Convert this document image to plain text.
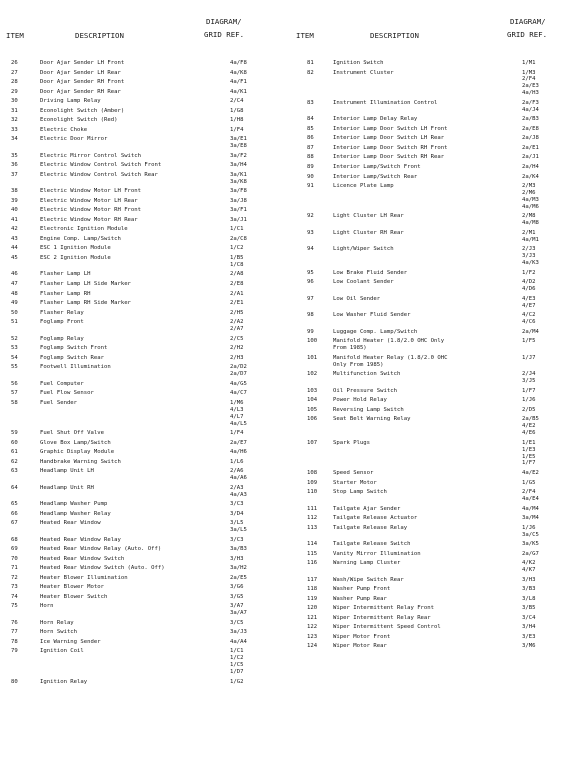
ITEM	DESCRIPTION
DIAGRAM/
GRID REF.	ITEM	DESCRIPTION
DIAGRAM/
GRID REF.
26	Door Ajar Sender LH Front	4a/F8
27	Door Ajar Sender LH Rear	4a/K8
28	Door Ajar Sender RH Front	4a/F1
29	Door Ajar Sender RH Rear	4a/K1
30	Driving Lamp Relay	2/C4
31	Econolight Switch (Amber)	1/G8
32	Econolight Switch (Red)	1/H8
33	Electric Choke	1/F4
34	Electric Door Mirror	3a/E1
3a/E8
35	Electric Mirror Control Switch	3a/F2
36	Electric Window Control Switch Front	3a/H4
37	Electric Window Control Switch Rear	3a/K1
3a/K8
38	Electric Window Motor LH Front	3a/F8
39	Electric Window Motor LH Rear	3a/J8
40	Electric Window Motor RH Front	3a/F1
41	Electric Window Motor RH Rear	3a/J1
42	Electronic Ignition Module	1/C1
43	Engine Comp. Lamp/Switch	2a/C8
44	ESC 1 Ignition Module	1/C2
45	ESC 2 Ignition Module	1/B5
1/C8
46	Flasher Lamp LH	2/A8
47	Flasher Lamp LH Side Marker	2/E8
48	Flasher Lamp RH	2/A1
49	Flasher Lamp RH Side Marker	2/E1
50	Flasher Relay	2/H5
51	Foglamp Front	2/A2
2/A7
52	Foglamp Relay	2/C5
53	Foglamp Switch Front	2/H2
54	Foglamp Switch Rear	2/H3
55	Footwell Illumination	2a/D2
2a/D7
56	Fuel Computer	4a/G5
57	Fuel Flow Sensor	4a/C7
58	Fuel Sender	1/M6
4/L3
4/L7
4a/L5
59	Fuel Shut Off Valve	1/F4
60	Glove Box Lamp/Switch	2a/E7
61	Graphic Display Module	4a/H6
62	Handbrake Warning Switch	1/L6
63	Headlamp Unit LH	2/A6
4a/A6
64	Headlamp Unit RH	2/A3
4a/A3
65	Headlamp Washer Pump	3/C3
66	Headlamp Washer Relay	3/D4
67	Heated Rear Window	3/L5
3a/L5
68	Heated Rear Window Relay	3/C3
69	Heated Rear Window Relay (Auto. Off)	3a/B3
70	Heated Rear Window Switch	3/H3
71	Heated Rear Window Switch (Auto. Off)	3a/H2
72	Heater Blower Illumination	2a/E5
73	Heater Blower Motor	3/G6
74	Heater Blower Switch	3/G5
75	Horn	3/A7
3a/A7
76	Horn Relay	3/C5
77	Horn Switch	3a/J3
78	Ice Warning Sender	4a/A4
79	Ignition Coil	1/C1
1/C2
1/C5
1/D7
80	Ignition Relay	1/G2
81	Ignition Switch	1/M1
82	Instrument Cluster	1/M3
2/F4
2a/E3
4a/H3
83	Instrument Illumination Control	2a/F3
4a/J4
84	Interior Lamp Delay Relay	2a/B3
85	Interior Lamp Door Switch LH Front	2a/E8
86	Interior Lamp Door Switch LH Rear	2a/J8
87	Interior Lamp Door Switch RH Front	2a/E1
88	Interior Lamp Door Switch RH Rear	2a/J1
89	Interior Lamp/Switch Front	2a/H4
90	Interior Lamp/Switch Rear	2a/K4
91	Licence Plate Lamp	2/M3
2/M6
4a/M3
4a/M6
92	Light Cluster LH Rear	2/M8
4a/M8
93	Light Cluster RH Rear	2/M1
4a/M1
94	Light/Wiper Switch	2/J3
3/J3
4a/K3
95	Low Brake Fluid Sender	1/F2
96	Low Coolant Sender	4/D2
4/D6
97	Low Oil Sender	4/E3
4/E7
98	Low Washer Fluid Sender	4/C2
4/C6
99	Luggage Comp. Lamp/Switch	2a/M4
100	Manifold Heater (1.8/2.0 OHC Only	1/F5
From 1985)
101	Manifold Heater Relay (1.8/2.0 OHC	1/J7
Only From 1985)
102	Multifunction Switch	2/J4
3/J5
103	Oil Pressure Switch	1/F7
104	Power Hold Relay	1/J6
105	Reversing Lamp Switch	2/D5
106	Seat Belt Warning Relay	2a/B5
4/E2
4/E6
107	Spark Plugs	1/E1
1/E3
1/E5
1/F7
108	Speed Sensor	4a/E2
109	Starter Motor	1/G5
110	Stop Lamp Switch	2/F4
4a/E4
111	Tailgate Ajar Sender	4a/M4
112	Tailgate Release Actuator	3a/M4
113	Tailgate Release Relay	1/J6
3a/C5
114	Tailgate Release Switch	3a/K5
115	Vanity Mirror Illumination	2a/G7
116	Warning Lamp Cluster	4/K2
4/K7
117	Wash/Wipe Switch Rear	3/H3
118	Washer Pump Front	3/B3
119	Washer Pump Rear	3/L8
120	Wiper Intermittent Relay Front	3/B5
121	Wiper Intermittent Relay Rear	3/C4
122	Wiper Intermittent Speed Control	3/H4
123	Wiper Motor Front	3/E3
124	Wiper Motor Rear	3/M6
